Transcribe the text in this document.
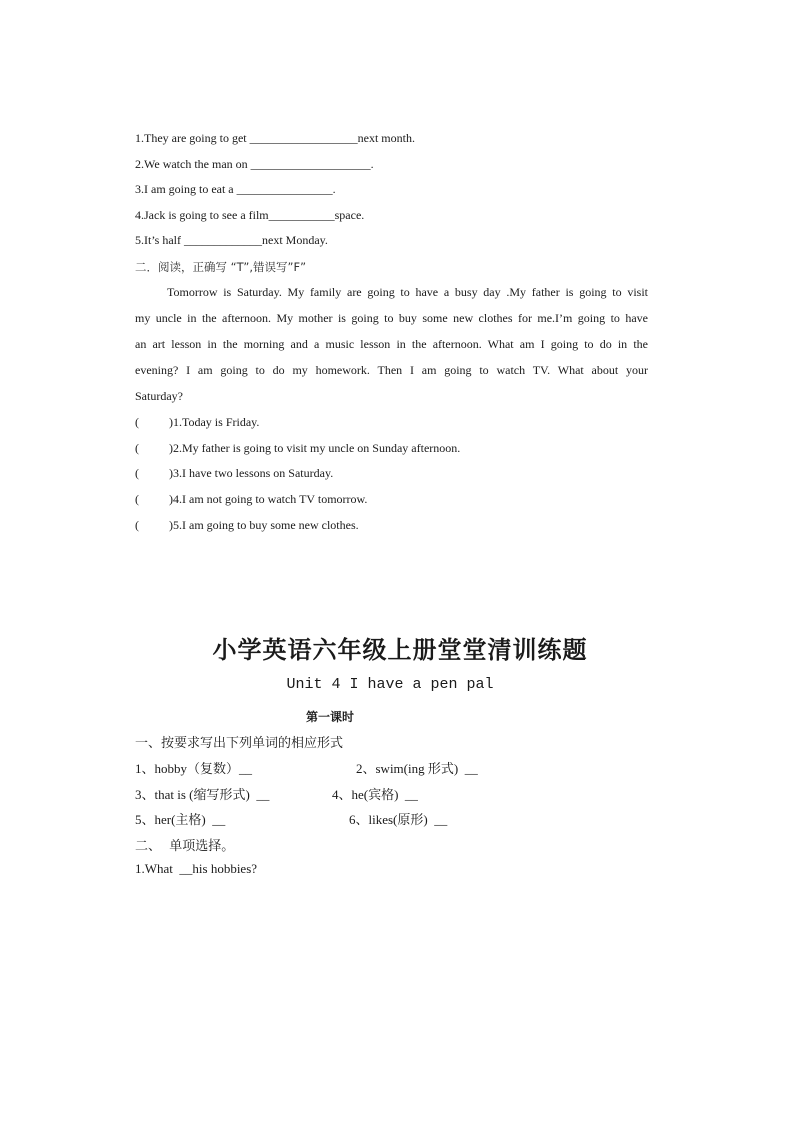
1.They are going to get __________________next month.
2.We watch the man on ____________________.
3.I am going to eat a ________________.
4.Jack is going to see a film___________space.
5.It’s half _____________next Monday.
二．阅读，正确写 “T”,错误写”F”
Tomorrow is Saturday. My family are going to have a busy day .My father is going to visit
my uncle in the afternoon. My mother is going to buy some new clothes for me.I’m going to have
an art lesson in the morning and a music lesson in the afternoon. What am I going to do in the
evening? I am going to do my homework. Then I am going to watch TV. What about your
Saturday?
(          )1.Today is Friday.
(          )2.My father is going to visit my uncle on Sunday afternoon.
(          )3.I have two lessons on Saturday.
(          )4.I am not going to watch TV tomorrow.
(          )5.I am going to buy some new clothes.
小学英语六年级上册堂堂清训练题
Unit 4 I have a pen pal
第一课时
一、按要求写出下列单词的相应形式
1、hobby（复数）__	2、swim(ing 形式)  __
3、that is (缩写形式)  __	4、he(宾格)  __
5、her(主格)  __	6、likes(原形)  __
二、  单项选择。
1.What  __his hobbies?
